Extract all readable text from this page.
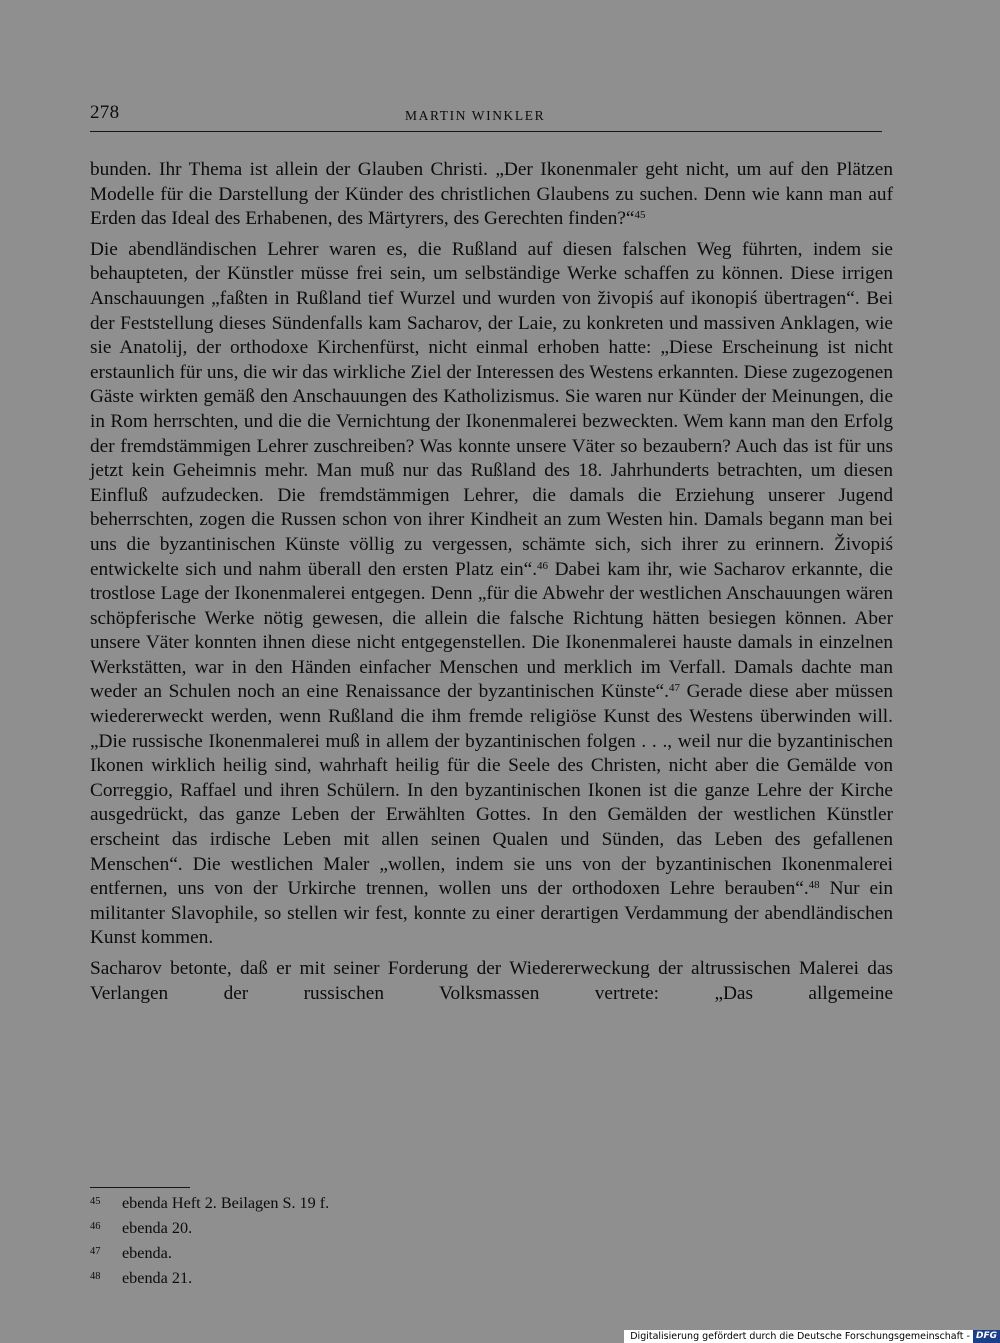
278	MARTIN WINKLER

bunden. Ihr Thema ist allein der Glauben Christi. „Der Ikonenmaler geht nicht, um auf den Plätzen Modelle für die Darstellung der Künder des christlichen Glaubens zu suchen. Denn wie kann man auf Erden das Ideal des Erhabenen, des Märtyrers, des Gerechten finden?“$^{45}$

Die abendländischen Lehrer waren es, die Rußland auf diesen falschen Weg führten, indem sie behaupteten, der Künstler müsse frei sein, um selbständige Werke schaffen zu können. Diese irrigen Anschauungen „faßten in Rußland tief Wurzel und wurden von živopiś auf ikonopiś übertragen“. Bei der Feststellung dieses Sündenfalls kam Sacharov, der Laie, zu konkreten und massiven Anklagen, wie sie Anatolij, der orthodoxe Kirchenfürst, nicht einmal erhoben hatte: „Diese Erscheinung ist nicht erstaunlich für uns, die wir das wirkliche Ziel der Interessen des Westens erkannten. Diese zugezogenen Gäste wirkten gemäß den Anschauungen des Katholizismus. Sie waren nur Künder der Meinungen, die in Rom herrschten, und die die Vernichtung der Ikonenmalerei bezweckten. Wem kann man den Erfolg der fremdstämmigen Lehrer zuschreiben? Was konnte unsere Väter so bezaubern? Auch das ist für uns jetzt kein Geheimnis mehr. Man muß nur das Rußland des 18. Jahrhunderts betrachten, um diesen Einfluß aufzudecken. Die fremdstämmigen Lehrer, die damals die Erziehung unserer Jugend beherrschten, zogen die Russen schon von ihrer Kindheit an zum Westen hin. Damals begann man bei uns die byzantinischen Künste völlig zu vergessen, schämte sich, sich ihrer zu erinnern. Živopiś entwickelte sich und nahm überall den ersten Platz ein“.$^{46}$ Dabei kam ihr, wie Sacharov erkannte, die trostlose Lage der Ikonenmalerei entgegen. Denn „für die Abwehr der westlichen Anschauungen wären schöpferische Werke nötig gewesen, die allein die falsche Richtung hätten besiegen können. Aber unsere Väter konnten ihnen diese nicht entgegenstellen. Die Ikonenmalerei hauste damals in einzelnen Werkstätten, war in den Händen einfacher Menschen und merklich im Verfall. Damals dachte man weder an Schulen noch an eine Renaissance der byzantinischen Künste“.$^{47}$ Gerade diese aber müssen wiedererweckt werden, wenn Rußland die ihm fremde religiöse Kunst des Westens überwinden will. „Die russische Ikonenmalerei muß in allem der byzantinischen folgen . . ., weil nur die byzantinischen Ikonen wirklich heilig sind, wahrhaft heilig für die Seele des Christen, nicht aber die Gemälde von Correggio, Raffael und ihren Schülern. In den byzantinischen Ikonen ist die ganze Lehre der Kirche ausgedrückt, das ganze Leben der Erwählten Gottes. In den Gemälden der westlichen Künstler erscheint das irdische Leben mit allen seinen Qualen und Sünden, das Leben des gefallenen Menschen“. Die westlichen Maler „wollen, indem sie uns von der byzantinischen Ikonenmalerei entfernen, uns von der Urkirche trennen, wollen uns der orthodoxen Lehre berauben“.$^{48}$ Nur ein militanter Slavophile, so stellen wir fest, konnte zu einer derartigen Verdammung der abendländischen Kunst kommen.

Sacharov betonte, daß er mit seiner Forderung der Wiedererweckung der altrussischen Malerei das Verlangen der russischen Volksmassen vertrete: „Das allgemeine

45	ebenda Heft 2. Beilagen S. 19 f.
46	ebenda 20.
47	ebenda.
48	ebenda 21.
Digitalisierung gefördert durch die Deutsche Forschungsgemeinschaft - DFG
